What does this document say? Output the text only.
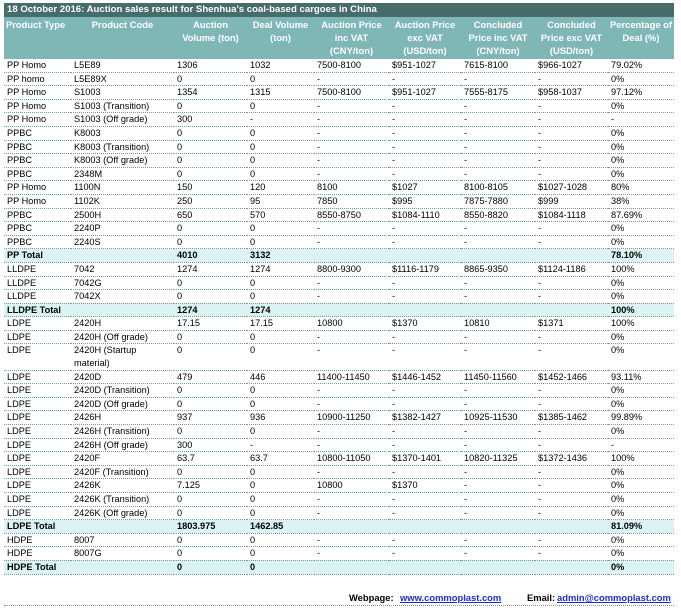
18 October 2016: Auction sales result for Shenhua’s coal-based cargoes in China
Product Type	Product Code	Auction Volume (ton)	Deal Volume (ton)	Auction Price inc VAT (CNY/ton)	Auction Price exc VAT (USD/ton)	Concluded Price inc VAT (CNY/ton)	Concluded Price exc VAT (USD/ton)	Percentage of Deal (%)
PP Homo	L5E89	1306	1032	7500-8100	$951-1027	7615-8100	$966-1027	79.02%
PP homo	L5E89X	0	0	-	-	-	-	0%
PP Homo	S1003	1354	1315	7500-8100	$951-1027	7555-8175	$958-1037	97.12%
PP Homo	S1003 (Transition)	0	0	-	-	-	-	0%
PP Homo	S1003 (Off grade)	300	-	-	-	-	-	-
PPBC	K8003	0	0	-	-	-	-	0%
PPBC	K8003 (Transition)	0	0	-	-	-	-	0%
PPBC	K8003 (Off grade)	0	0	-	-	-	-	0%
PPBC	2348M	0	0	-	-	-	-	0%
PP Homo	1100N	150	120	8100	$1027	8100-8105	$1027-1028	80%
PP Homo	1102K	250	95	7850	$995	7875-7880	$999	38%
PPBC	2500H	650	570	8550-8750	$1084-1110	8550-8820	$1084-1118	87.69%
PPBC	2240P	0	0	-	-	-	-	0%
PPBC	2240S	0	0	-	-	-	-	0%
PP Total		4010	3132					78.10%
LLDPE	7042	1274	1274	8800-9300	$1116-1179	8865-9350	$1124-1186	100%
LLDPE	7042G	0	0	-	-	-	-	0%
LLDPE	7042X	0	0	-	-	-	-	0%
LLDPE Total		1274	1274					100%
LDPE	2420H	17.15	17.15	10800	$1370	10810	$1371	100%
LDPE	2420H (Off grade)	0	0	-	-	-	-	0%
LDPE	2420H (Startup material)	0	0	-	-	-	-	0%
LDPE	2420D	479	446	11400-11450	$1446-1452	11450-11560	$1452-1466	93.11%
LDPE	2420D (Transition)	0	0	-	-	-	-	0%
LDPE	2420D (Off grade)	0	0	-	-	-	-	0%
LDPE	2426H	937	936	10900-11250	$1382-1427	10925-11530	$1385-1462	99.89%
LDPE	2426H (Transition)	0	0	-	-	-	-	0%
LDPE	2426H (Off grade)	300	-	-	-	-	-	-
LDPE	2420F	63.7	63.7	10800-11050	$1370-1401	10820-11325	$1372-1436	100%
LDPE	2420F (Transition)	0	0	-	-	-	-	0%
LDPE	2426K	7.125	0	10800	$1370	-	-	0%
LDPE	2426K (Transition)	0	0	-	-	-	-	0%
LDPE	2426K (Off grade)	0	0	-	-	-	-	0%
LDPE Total		1803.975	1462.85					81.09%
HDPE	8007	0	0	-	-	-	-	0%
HDPE	8007G	0	0	-	-	-	-	0%
HDPE Total		0	0					0%
Webpage: www.commoplast.com	Email: admin@commoplast.com
